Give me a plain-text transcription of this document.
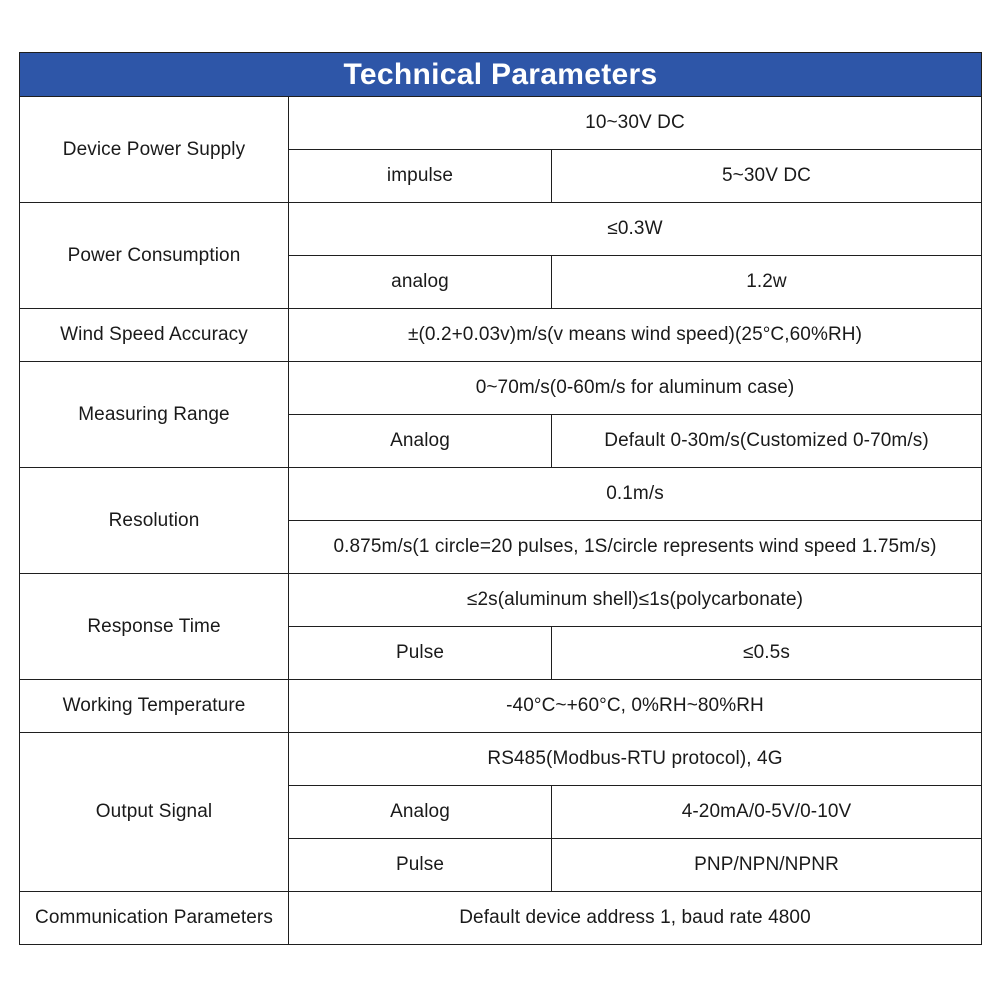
Technical Parameters		
Device Power Supply	10~30V DC	
	impulse	5~30V DC
Power Consumption	≤0.3W	
	analog	1.2w
Wind Speed Accuracy	±(0.2+0.03v)m/s(v means wind speed)(25°C,60%RH)	
Measuring Range	0~70m/s(0-60m/s for aluminum case)	
	Analog	Default 0-30m/s(Customized 0-70m/s)
Resolution	0.1m/s	
	0.875m/s(1 circle=20 pulses, 1S/circle represents wind speed 1.75m/s)	
Response Time	≤2s(aluminum shell)≤1s(polycarbonate)	
	Pulse	≤0.5s
Working Temperature	-40°C~+60°C, 0%RH~80%RH	
Output Signal	RS485(Modbus-RTU protocol), 4G	
	Analog	4-20mA/0-5V/0-10V
	Pulse	PNP/NPN/NPNR
Communication Parameters	Default device address 1, baud rate 4800	
